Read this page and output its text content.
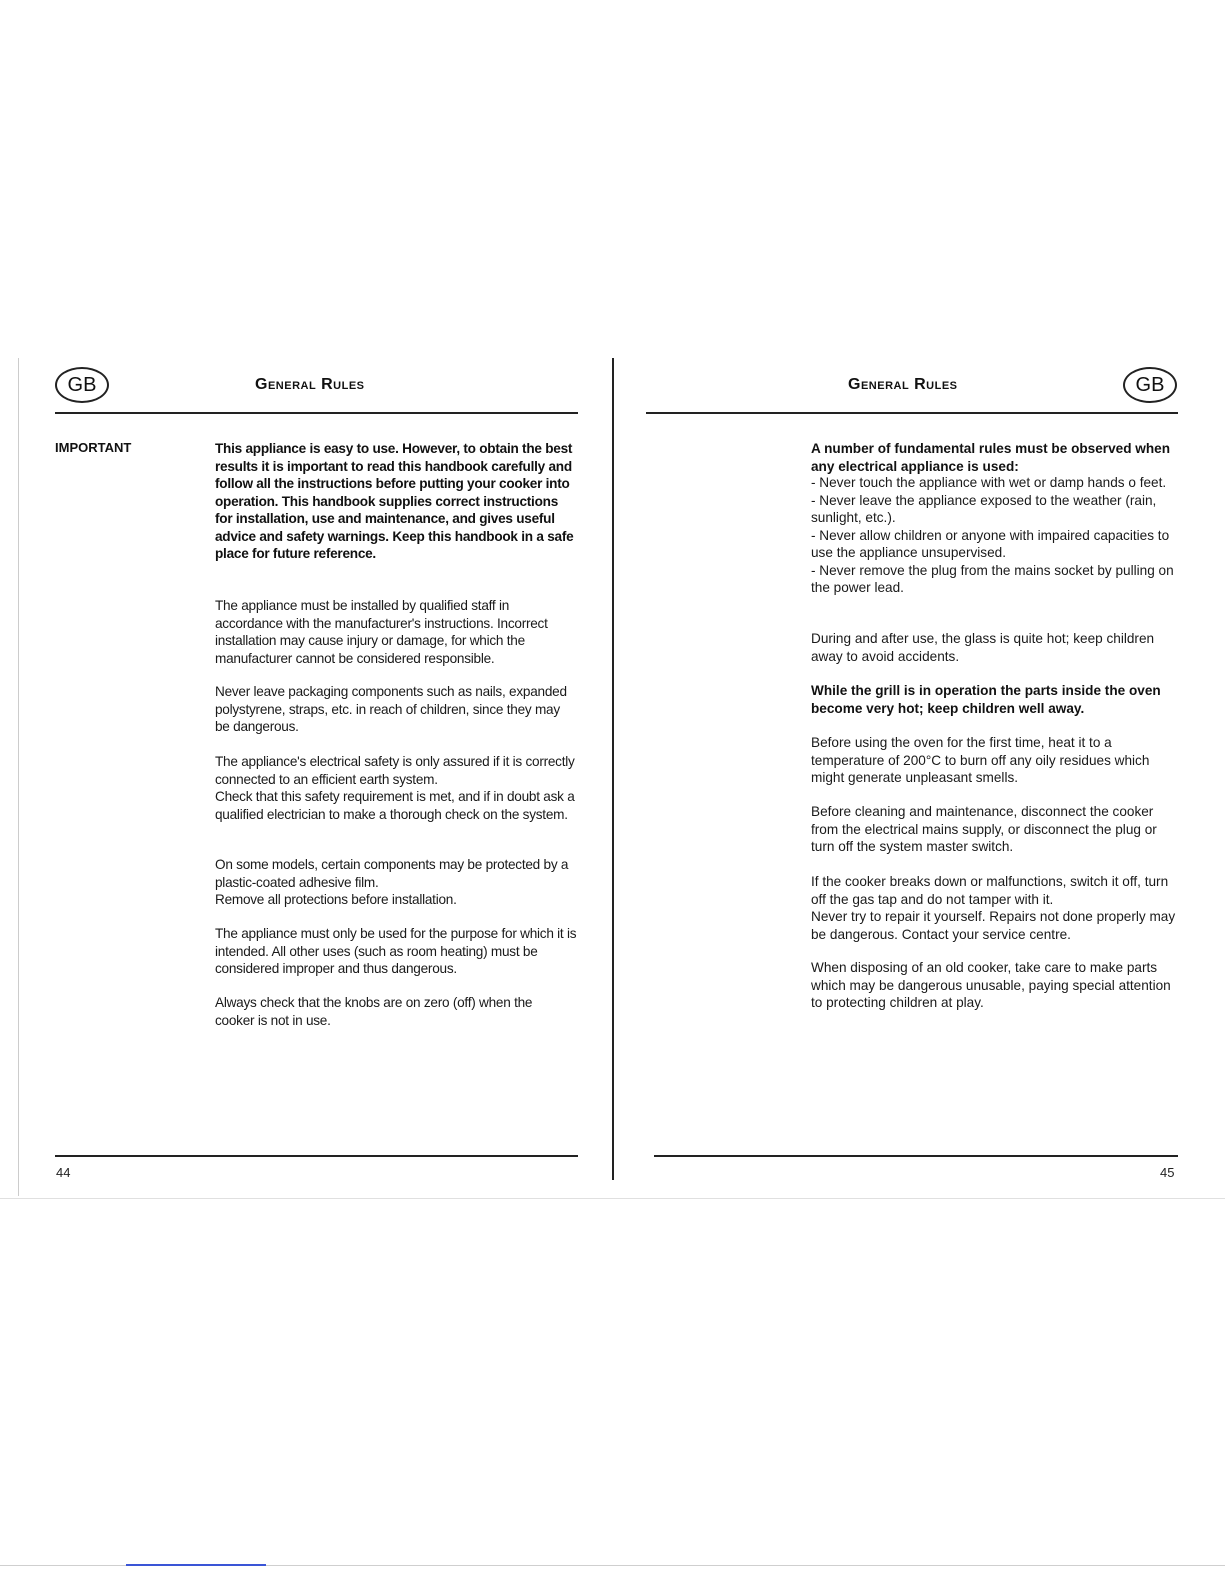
GB	General Rules
IMPORTANT	This appliance is easy to use. However, to obtain the best results it is important to read this handbook carefully and follow all the instructions before putting your cooker into operation. This handbook supplies correct instructions for installation, use and maintenance, and gives useful advice and safety warnings. Keep this handbook in a safe place for future reference.
The appliance must be installed by qualified staff in accordance with the manufacturer's instructions. Incorrect installation may cause injury or damage, for which the manufacturer cannot be considered responsible.
Never leave packaging components such as nails, expanded polystyrene, straps, etc. in reach of children, since they may be dangerous.

The appliance's electrical safety is only assured if it is correctly connected to an efficient earth system.

Check that this safety requirement is met, and if in doubt ask a qualified electrician to make a thorough check on the system.

On some models, certain components may be protected by a plastic-coated adhesive film.

Remove all protections before installation.

The appliance must only be used for the purpose for which it is intended. All other uses (such as room heating) must be considered improper and thus dangerous.
Always check that the knobs are on zero (off) when the cooker is not in use.
44
General Rules	GB
A number of fundamental rules must be observed when any electrical appliance is used:

- Never touch the appliance with wet or damp hands o feet.

- Never leave the appliance exposed to the weather (rain, sunlight, etc.).

- Never allow children or anyone with impaired capacities to use the appliance unsupervised.

- Never remove the plug from the mains socket by pulling on the power lead.

During and after use, the glass is quite hot; keep children away to avoid accidents.
While the grill is in operation the parts inside the oven become very hot; keep children well away.
Before using the oven for the first time, heat it to a temperature of 200°C to burn off any oily residues which might generate unpleasant smells.
Before cleaning and maintenance, disconnect the cooker from the electrical mains supply, or disconnect the plug or turn off the system master switch.

If the cooker breaks down or malfunctions, switch it off, turn off the gas tap and do not tamper with it.

Never try to repair it yourself. Repairs not done properly may be dangerous. Contact your service centre.

When disposing of an old cooker, take care to make parts which may be dangerous unusable, paying special attention to protecting children at play.
45
